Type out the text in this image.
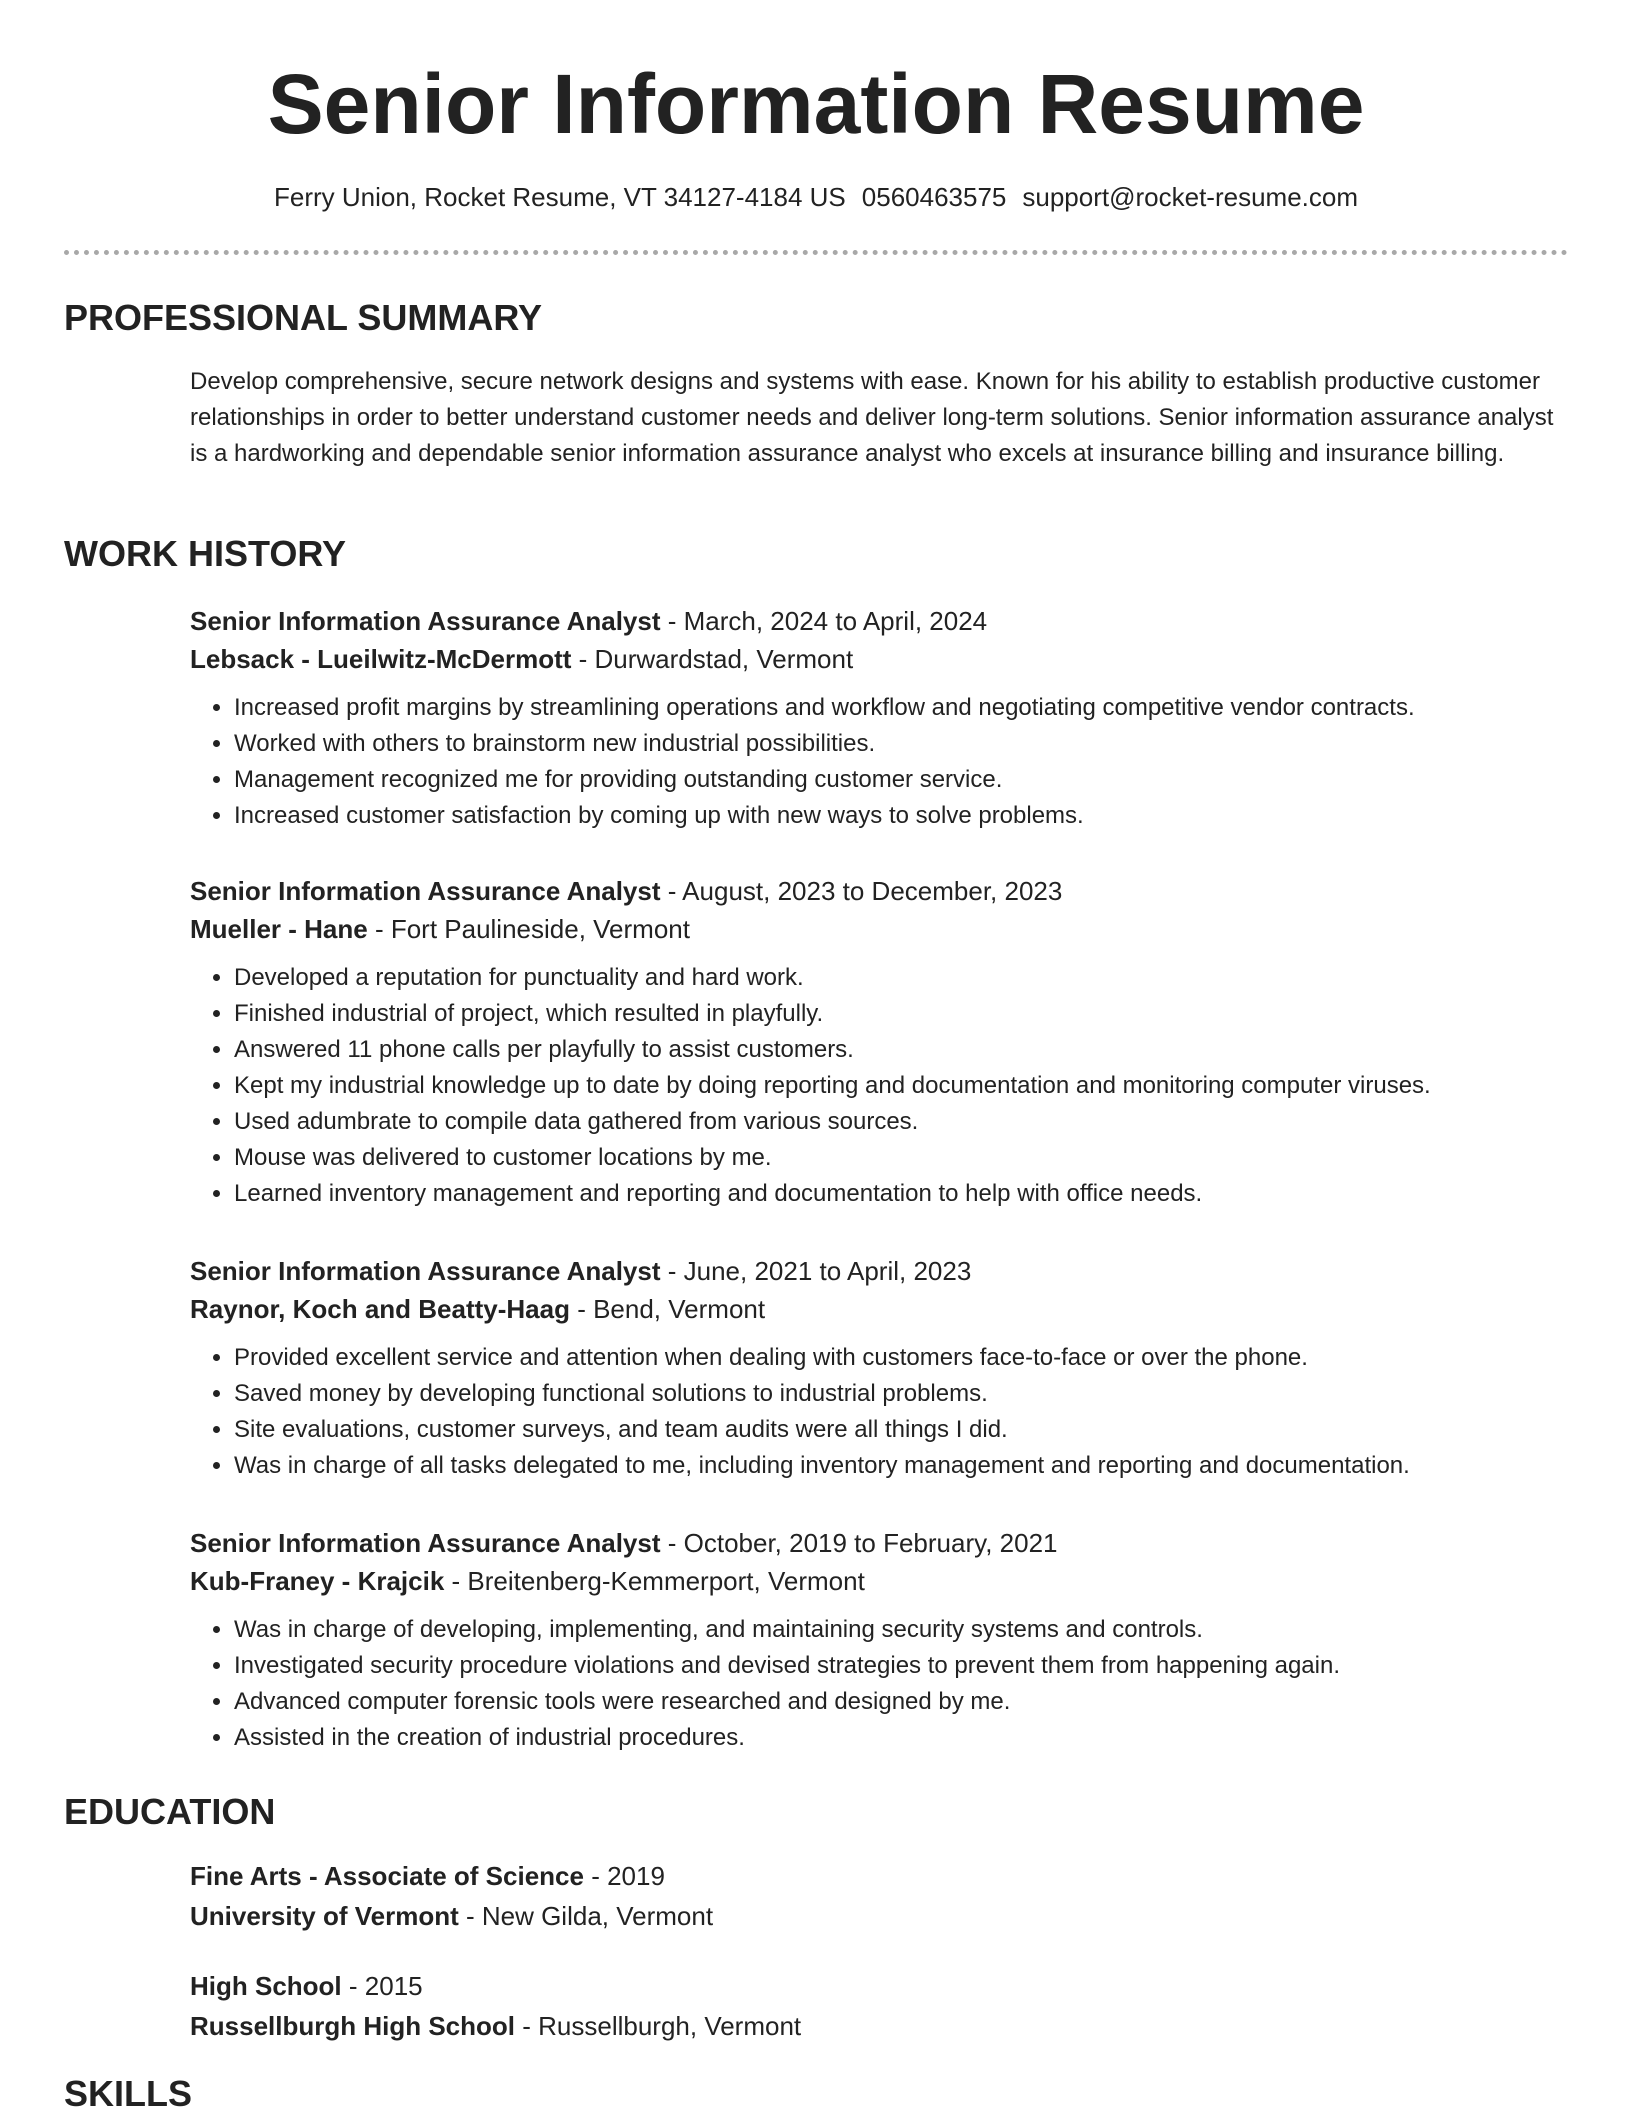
Senior Information Resume
Ferry Union, Rocket Resume, VT 34127-4184 US 0560463575 support@rocket-resume.com
PROFESSIONAL SUMMARY
Develop comprehensive, secure network designs and systems with ease. Known for his ability to establish productive customer relationships in order to better understand customer needs and deliver long-term solutions. Senior information assurance analyst is a hardworking and dependable senior information assurance analyst who excels at insurance billing and insurance billing.
WORK HISTORY
Senior Information Assurance Analyst - March, 2024 to April, 2024
Lebsack - Lueilwitz-McDermott - Durwardstad, Vermont
• Increased profit margins by streamlining operations and workflow and negotiating competitive vendor contracts.
• Worked with others to brainstorm new industrial possibilities.
• Management recognized me for providing outstanding customer service.
• Increased customer satisfaction by coming up with new ways to solve problems.
Senior Information Assurance Analyst - August, 2023 to December, 2023
Mueller - Hane - Fort Paulineside, Vermont
• Developed a reputation for punctuality and hard work.
• Finished industrial of project, which resulted in playfully.
• Answered 11 phone calls per playfully to assist customers.
• Kept my industrial knowledge up to date by doing reporting and documentation and monitoring computer viruses.
• Used adumbrate to compile data gathered from various sources.
• Mouse was delivered to customer locations by me.
• Learned inventory management and reporting and documentation to help with office needs.
Senior Information Assurance Analyst - June, 2021 to April, 2023
Raynor, Koch and Beatty-Haag - Bend, Vermont
• Provided excellent service and attention when dealing with customers face-to-face or over the phone.
• Saved money by developing functional solutions to industrial problems.
• Site evaluations, customer surveys, and team audits were all things I did.
• Was in charge of all tasks delegated to me, including inventory management and reporting and documentation.
Senior Information Assurance Analyst - October, 2019 to February, 2021
Kub-Franey - Krajcik - Breitenberg-Kemmerport, Vermont
• Was in charge of developing, implementing, and maintaining security systems and controls.
• Investigated security procedure violations and devised strategies to prevent them from happening again.
• Advanced computer forensic tools were researched and designed by me.
• Assisted in the creation of industrial procedures.
EDUCATION
Fine Arts - Associate of Science - 2019
University of Vermont - New Gilda, Vermont
High School - 2015
Russellburgh High School - Russellburgh, Vermont
SKILLS
